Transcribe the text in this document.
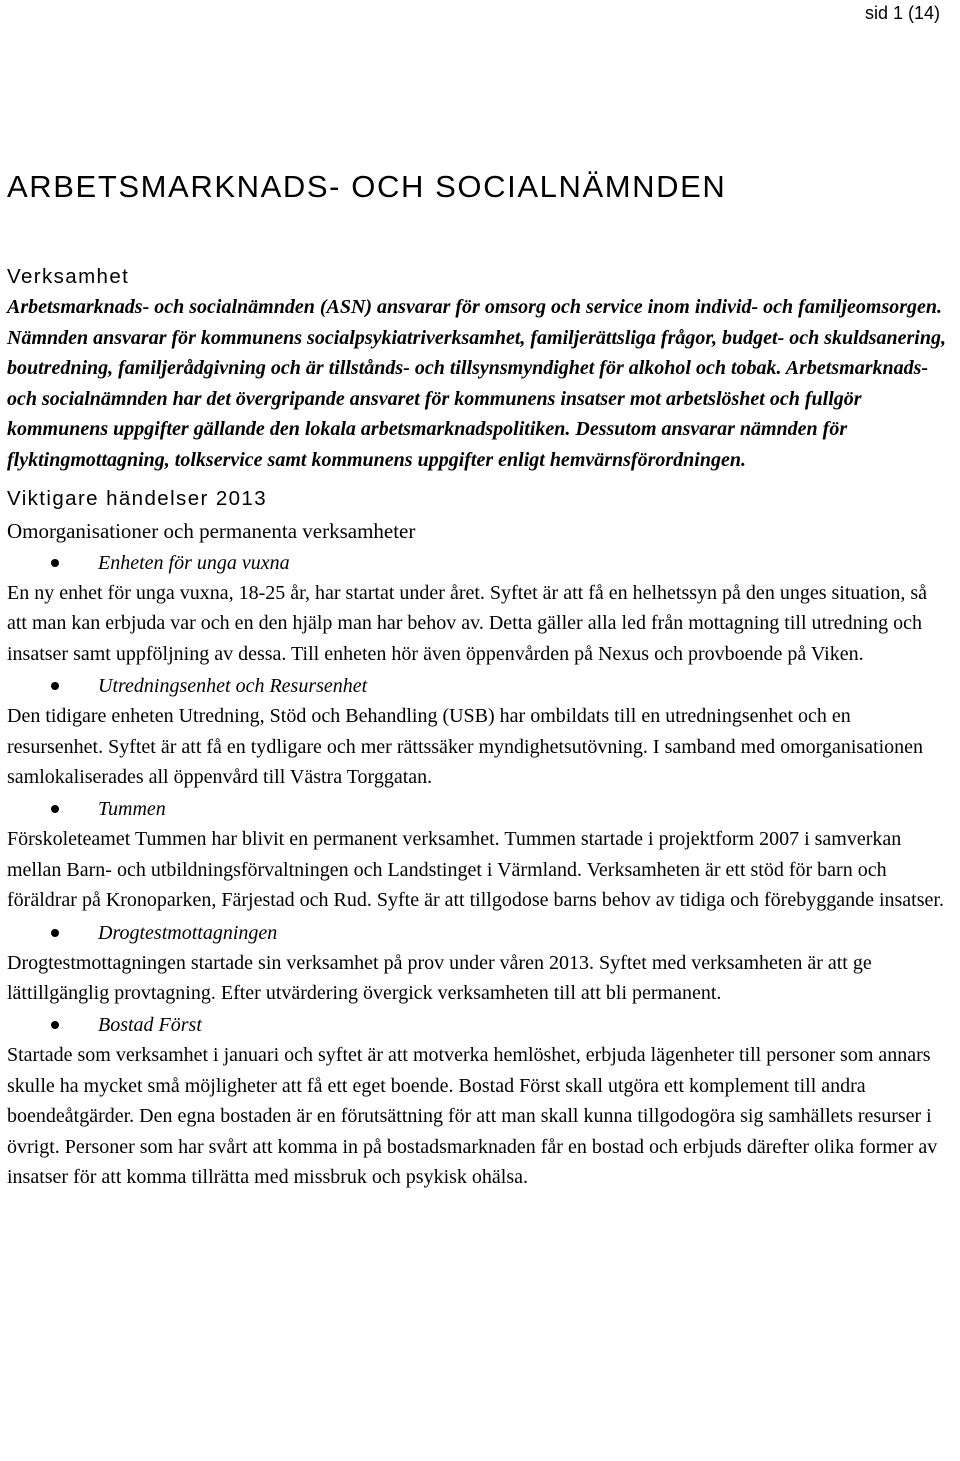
sid 1 (14)
ARBETSMARKNADS- OCH SOCIALNÄMNDEN
Verksamhet

Arbetsmarknads- och socialnämnden (ASN) ansvarar för omsorg och service inom individ- och familjeomsorgen. Nämnden ansvarar för kommunens socialpsykiatriverksamhet, familjerättsliga frågor, budget- och skuldsanering, boutredning, familjerådgivning och är tillstånds- och tillsynsmyndighet för alkohol och tobak. Arbetsmarknads- och socialnämnden har det övergripande ansvaret för kommunens insatser mot arbetslöshet och fullgör kommunens uppgifter gällande den lokala arbetsmarknadspolitiken. Dessutom ansvarar nämnden för flyktingmottagning, tolkservice samt kommunens uppgifter enligt hemvärnsförordningen.

Viktigare händelser 2013
Omorganisationer och permanenta verksamheter
Enheten för unga vuxna

En ny enhet för unga vuxna, 18-25 år, har startat under året. Syftet är att få en helhetssyn på den unges situation, så att man kan erbjuda var och en den hjälp man har behov av. Detta gäller alla led från mottagning till utredning och insatser samt uppföljning av dessa. Till enheten hör även öppenvården på Nexus och provboende på Viken.

Utredningsenhet och Resursenhet

Den tidigare enheten Utredning, Stöd och Behandling (USB) har ombildats till en utredningsenhet och en resursenhet. Syftet är att få en tydligare och mer rättssäker myndighetsutövning. I samband med omorganisationen samlokaliserades all öppenvård till Västra Torggatan.

Tummen

Förskoleteamet Tummen har blivit en permanent verksamhet. Tummen startade i projektform 2007 i samverkan mellan Barn- och utbildningsförvaltningen och Landstinget i Värmland. Verksamheten är ett stöd för barn och föräldrar på Kronoparken, Färjestad och Rud. Syfte är att tillgodose barns behov av tidiga och förebyggande insatser.

Drogtestmottagningen

Drogtestmottagningen startade sin verksamhet på prov under våren 2013. Syftet med verksamheten är att ge lättillgänglig provtagning. Efter utvärdering övergick verksamheten till att bli permanent.

Bostad Först

Startade som verksamhet i januari och syftet är att motverka hemlöshet, erbjuda lägenheter till personer som annars skulle ha mycket små möjligheter att få ett eget boende. Bostad Först skall utgöra ett komplement till andra boendeåtgärder. Den egna bostaden är en förutsättning för att man skall kunna tillgodogöra sig samhällets resurser i övrigt. Personer som har svårt att komma in på bostadsmarknaden får en bostad och erbjuds därefter olika former av insatser för att komma tillrätta med missbruk och psykisk ohälsa.
